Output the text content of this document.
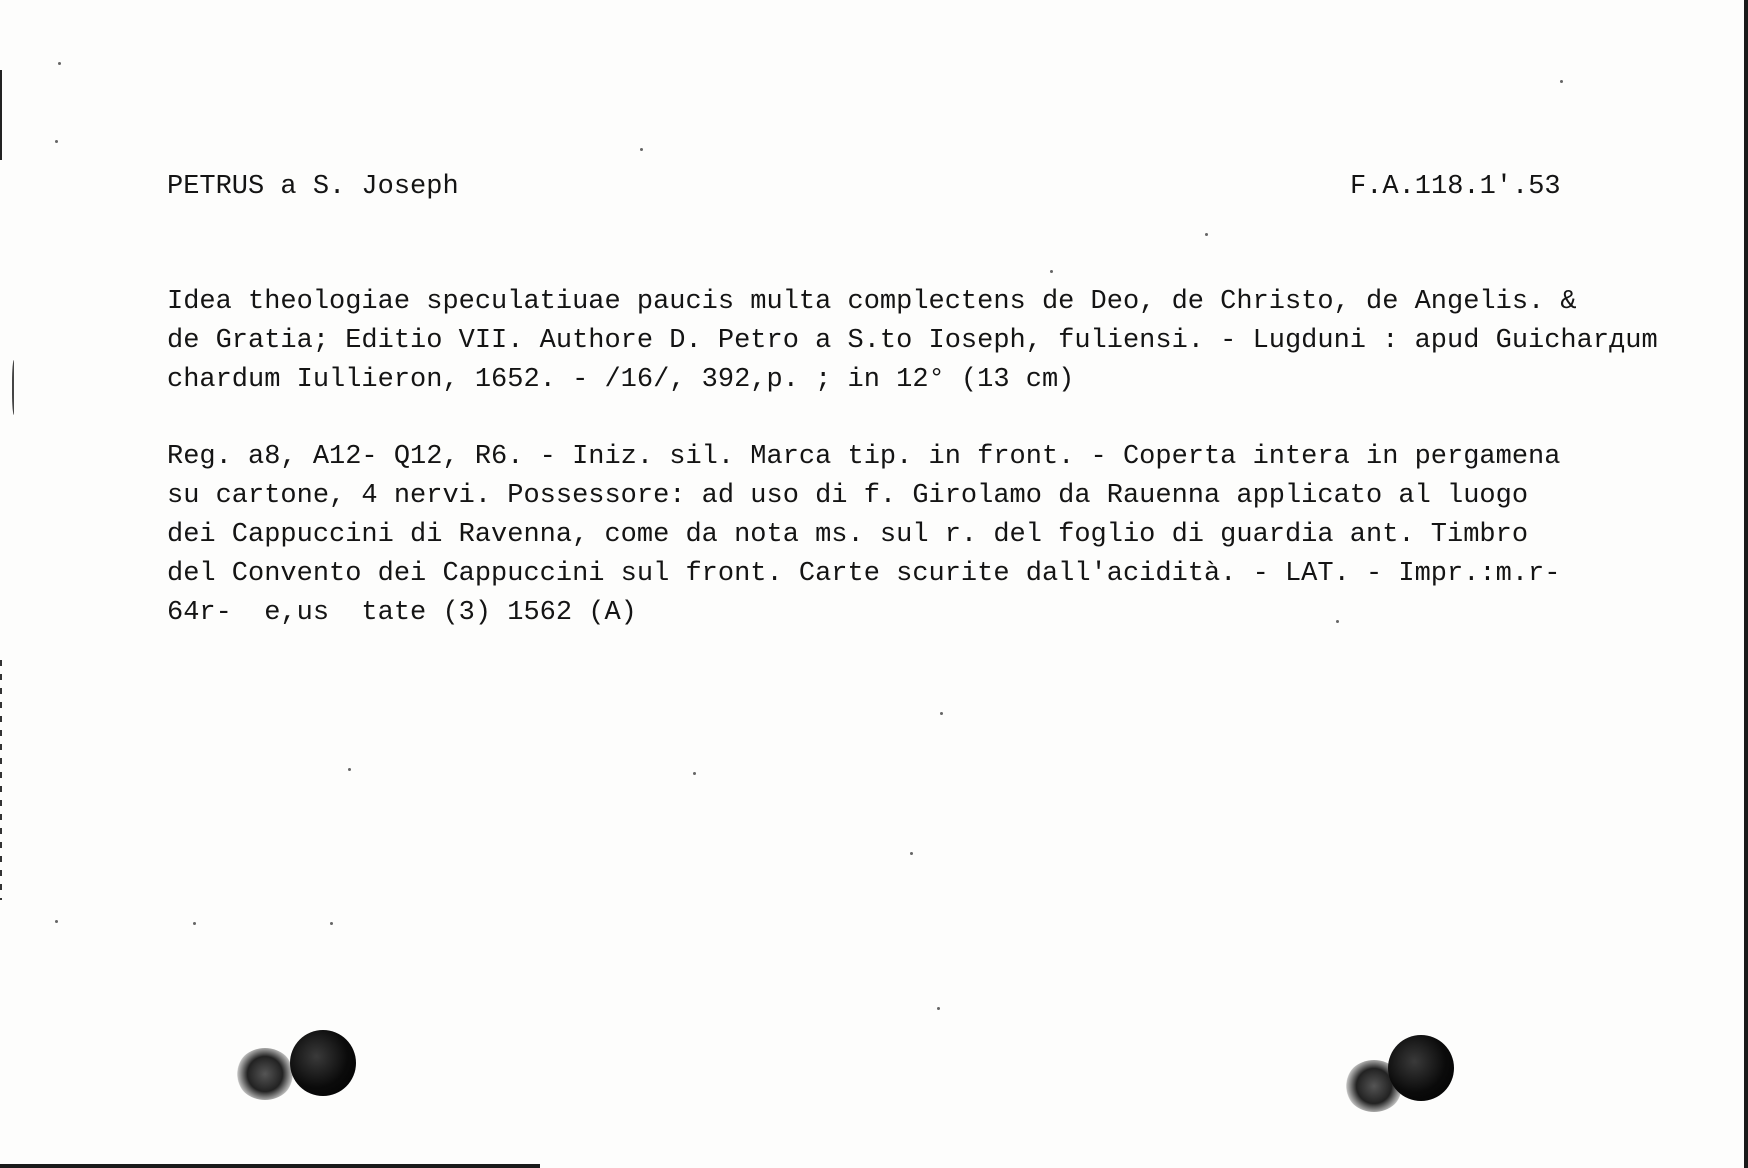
PETRUS a S. Joseph	F.A.118.1'.53
Idea theologiae speculatiuae paucis multa complectens de Deo, de Christo, de Angelis. &
de Gratia; Editio VII. Authore D. Petro a S.to Ioseph, fuliensi. - Lugduni : apud Guicharдum
chardum Iullieron, 1652. - /16/, 392,p. ; in 12° (13 cm)
Reg. a8, A12- Q12, R6. - Iniz. sil. Marca tip. in front. - Coperta intera in pergamena
su cartone, 4 nervi. Possessore: ad uso di f. Girolamo da Rauenna applicato al luogo
dei Cappuccini di Ravenna, come da nota ms. sul r. del foglio di guardia ant. Timbro
del Convento dei Cappuccini sul front. Carte scurite dall'acidità. - LAT. - Impr.:m.r-
64r-  e,us  tate (3) 1562 (A)
